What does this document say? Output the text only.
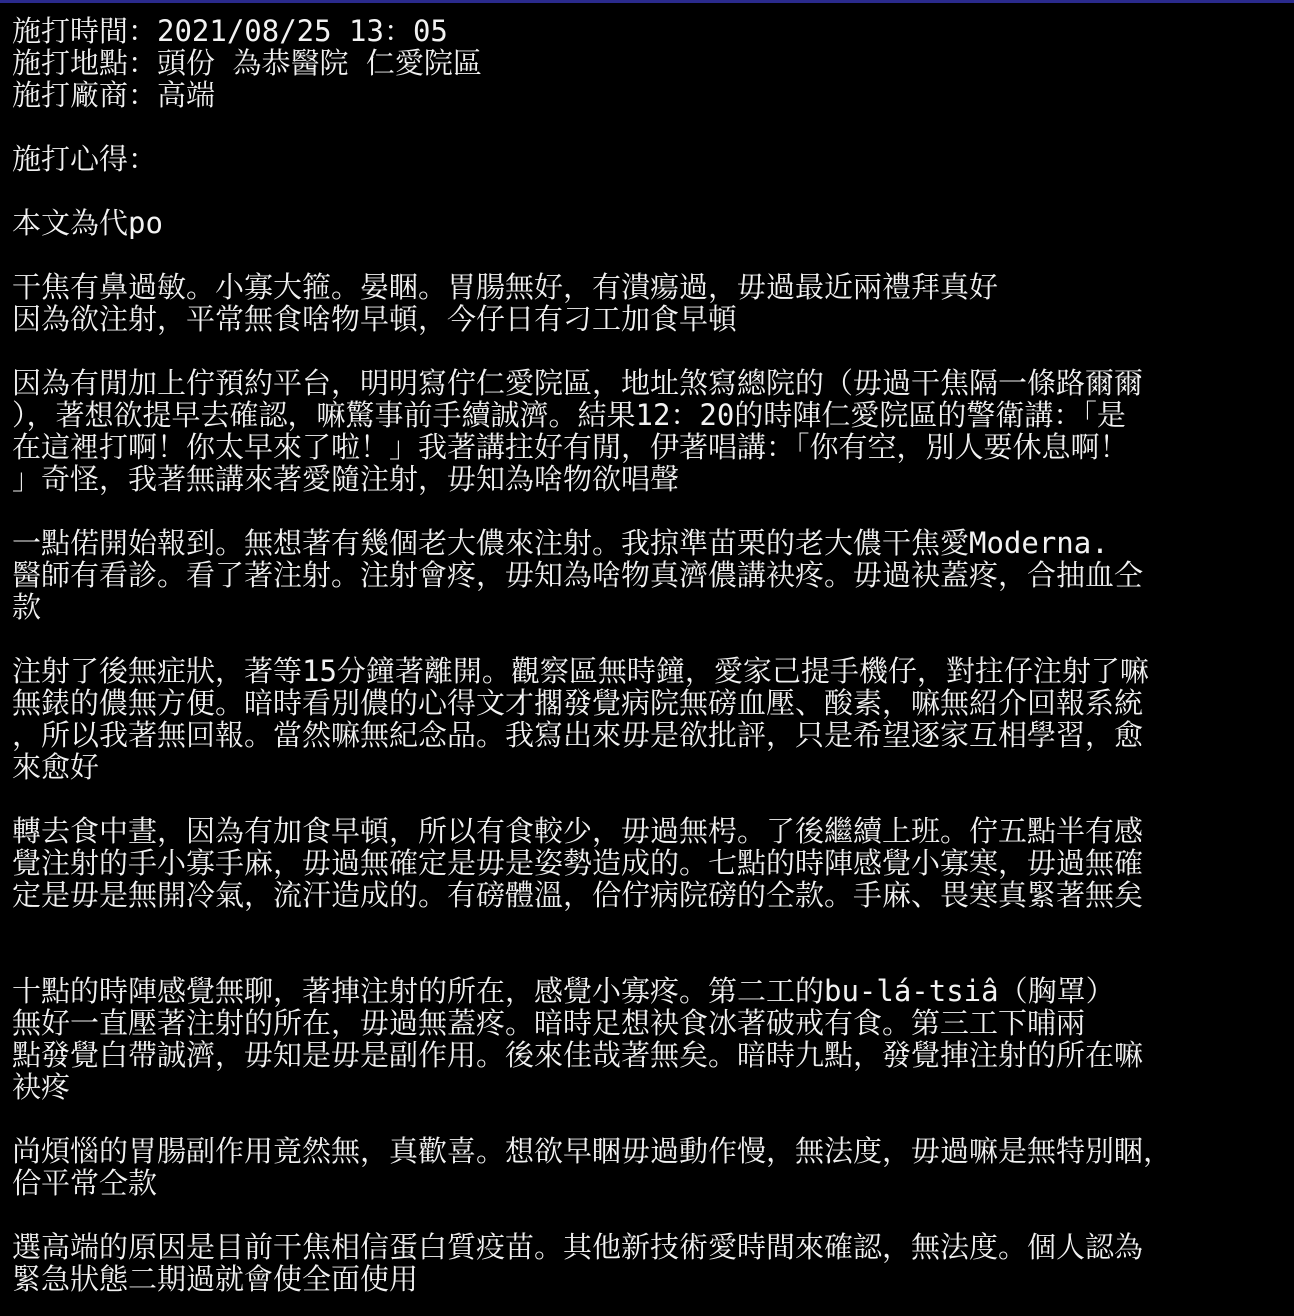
施打時間：2021/08/25 13：05
施打地點：頭份 為恭醫院 仁愛院區
施打廠商：高端
施打心得：
本文為代po
干焦有鼻過敏。小寡大箍。晏睏。胃腸無好，有潰瘍過，毋過最近兩禮拜真好
因為欲注射，平常無食啥物早頓，今仔日有刁工加食早頓
因為有閒加上佇預約平台，明明寫佇仁愛院區，地址煞寫總院的（毋過干焦隔一條路爾爾
），著想欲提早去確認，嘛驚事前手續誠濟。結果12：20的時陣仁愛院區的警衛講：「是
在這裡打啊！你太早來了啦！」我著講拄好有閒，伊著唱講：「你有空，別人要休息啊！
」奇怪，我著無講來著愛隨注射，毋知為啥物欲唱聲
一點偌開始報到。無想著有幾個老大儂來注射。我掠準苗栗的老大儂干焦愛Moderna.
醫師有看診。看了著注射。注射會疼，毋知為啥物真濟儂講袂疼。毋過袂蓋疼，合抽血仝
款
注射了後無症狀，著等15分鐘著離開。觀察區無時鐘，愛家己提手機仔，對拄仔注射了嘛
無錶的儂無方便。暗時看別儂的心得文才擱發覺病院無磅血壓、酸素，嘛無紹介回報系統
，所以我著無回報。當然嘛無紀念品。我寫出來毋是欲批評，只是希望逐家互相學習，愈
來愈好
轉去食中晝，因為有加食早頓，所以有食較少，毋過無枵。了後繼續上班。佇五點半有感
覺注射的手小寡手麻，毋過無確定是毋是姿勢造成的。七點的時陣感覺小寡寒，毋過無確
定是毋是無開冷氣，流汗造成的。有磅體溫，佮佇病院磅的仝款。手麻、畏寒真緊著無矣
十點的時陣感覺無聊，著捙注射的所在，感覺小寡疼。第二工的bu-lá-tsiâ（胸罩）
無好一直壓著注射的所在，毋過無蓋疼。暗時足想袂食冰著破戒有食。第三工下晡兩
點發覺白帶誠濟，毋知是毋是副作用。後來佳哉著無矣。暗時九點，發覺捙注射的所在嘛
袂疼
尚煩惱的胃腸副作用竟然無，真歡喜。想欲早睏毋過動作慢，無法度，毋過嘛是無特別睏，
佮平常仝款
選高端的原因是目前干焦相信蛋白質疫苗。其他新技術愛時間來確認，無法度。個人認為
緊急狀態二期過就會使全面使用
